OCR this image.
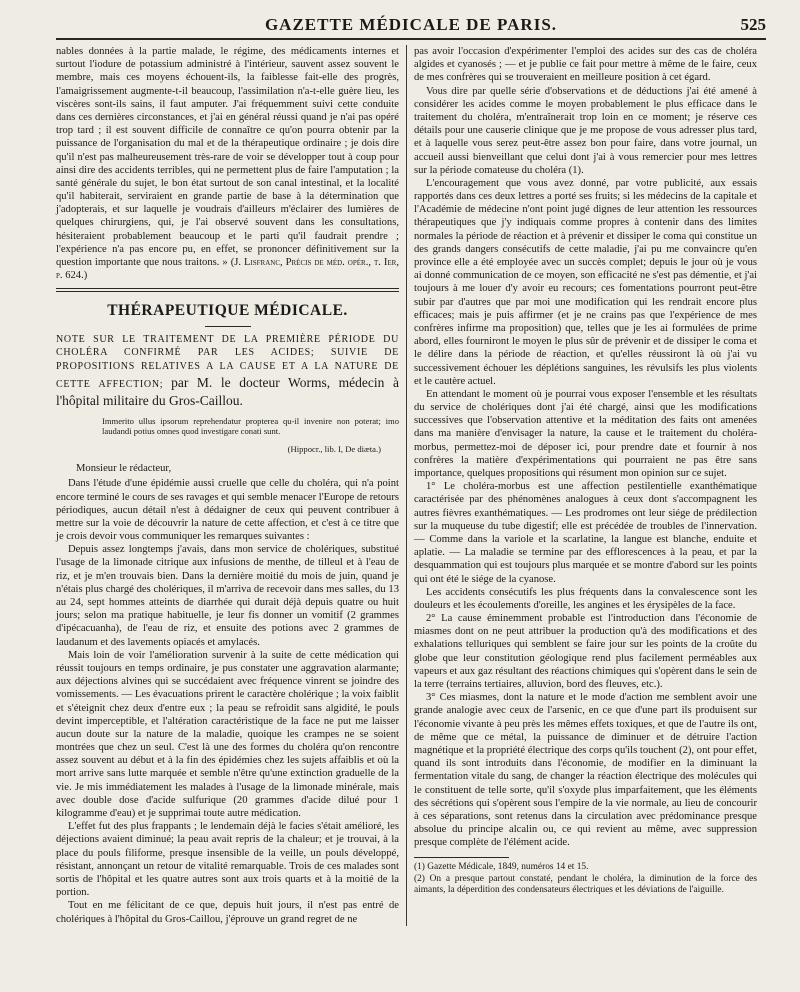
GAZETTE MÉDICALE DE PARIS.	525

nables données à la partie malade, le régime, des médicaments internes et surtout l'iodure de potassium administré à l'intérieur, sauvent assez souvent le membre, mais ces moyens échouent-ils, la faiblesse fait-elle des progrès, l'amaigrissement augmente-t-il beaucoup, l'assimilation n'a-t-elle guère lieu, les viscères sont-ils sains, il faut amputer. J'ai fréquemment suivi cette conduite dans ces dernières circonstances, et j'ai en général réussi quand je n'ai pas opéré trop tard ; il est souvent difficile de connaître ce qu'on pourra obtenir par la puissance de l'organisation du mal et de la thérapeutique ordinaire ; je dois dire qu'il n'est pas malheureusement très-rare de voir se développer tout à coup pour ainsi dire des accidents terribles, qui ne permettent plus de faire l'amputation ; la santé générale du sujet, le bon état surtout de son canal intestinal, et la localité qu'il habiterait, serviraient en grande partie de base à la détermination que j'adopterais, et sur laquelle je voudrais d'ailleurs m'éclairer des lumières de quelques chirurgiens, qui, je l'ai observé souvent dans les consultations, hésiteraient probablement beaucoup et le parti qu'il faudrait prendre ; l'expérience n'a pas encore pu, en effet, se prononcer définitivement sur la question importante que nous traitons. » (J. Lisfranc, Précis de méd. opér., t. Ier, p. 624.)

THÉRAPEUTIQUE MÉDICALE.

NOTE SUR LE TRAITEMENT DE LA PREMIÈRE PÉRIODE DU CHOLÉRA CONFIRMÉ PAR LES ACIDES; SUIVIE DE PROPOSITIONS RELATIVES A LA CAUSE ET A LA NATURE DE CETTE AFFECTION; par M. le docteur Worms, médecin à l'hôpital militaire du Gros-Caillou.

Immerito ullus ipsorum reprehendatur propterea qu-il invenire non poterat; imo laudandi potius omnes quod investigare conati sunt.

(Hippocr., lib. I, De diæta.)

Monsieur le rédacteur,

Dans l'étude d'une épidémie aussi cruelle que celle du choléra, qui n'a point encore terminé le cours de ses ravages et qui semble menacer l'Europe de retours périodiques, aucun détail n'est à dédaigner de ceux qui peuvent contribuer à mettre sur la voie de découvrir la nature de cette affection, et c'est à ce titre que je crois devoir vous communiquer les remarques suivantes :

Depuis assez longtemps j'avais, dans mon service de cholériques, substitué l'usage de la limonade citrique aux infusions de menthe, de tilleul et à l'eau de riz, et je m'en trouvais bien. Dans la dernière moitié du mois de juin, quand je n'étais plus chargé des cholériques, il m'arriva de recevoir dans mes salles, du 13 au 24, sept hommes atteints de diarrhée qui durait déjà depuis quatre ou huit jours; selon ma pratique habituelle, je leur fis donner un vomitif (2 grammes d'ipécacuanha), de l'eau de riz, et ensuite des potions avec 2 grammes de laudanum et des lavements opiacés et amylacés.

Mais loin de voir l'amélioration survenir à la suite de cette médication qui réussit toujours en temps ordinaire, je pus constater une aggravation alarmante; aux déjections alvines qui se succédaient avec fréquence vinrent se joindre des vomissements. — Les évacuations prirent le caractère cholérique ; la voix faiblit et s'éteignit chez deux d'entre eux ; la peau se refroidit sans algidité, le pouls devint imperceptible, et l'altération caractéristique de la face ne put me laisser aucun doute sur la nature de la maladie, quoique les crampes ne se soient montrées que chez un seul. C'est là une des formes du choléra qu'on rencontre assez souvent au début et à la fin des épidémies chez les sujets affaiblis et où la mort arrive sans lutte marquée et semble n'être qu'une extinction graduelle de la vie. Je mis immédiatement les malades à l'usage de la limonade minérale, mais avec double dose d'acide sulfurique (20 grammes d'acide dilué pour 1 kilogramme d'eau) et je supprimai toute autre médication.

L'effet fut des plus frappants ; le lendemain déjà le facies s'était amélioré, les déjections avaient diminué; la peau avait repris de la chaleur; et je trouvai, à la place du pouls filiforme, presque insensible de la veille, un pouls développé, résistant, annonçant un retour de vitalité remarquable. Trois de ces malades sont sortis de l'hôpital et les quatre autres sont aux trois quarts et à la moitié de la portion.

Tout en me félicitant de ce que, depuis huit jours, il n'est pas entré de cholériques à l'hôpital du Gros-Caillou, j'éprouve un grand regret de ne

pas avoir l'occasion d'expérimenter l'emploi des acides sur des cas de choléra algides et cyanosés ; — et je publie ce fait pour mettre à même de le faire, ceux de mes confrères qui se trouveraient en meilleure position à cet égard.

Vous dire par quelle série d'observations et de déductions j'ai été amené à considérer les acides comme le moyen probablement le plus efficace dans le traitement du choléra, m'entraînerait trop loin en ce moment; je réserve ces détails pour une causerie clinique que je me propose de vous adresser plus tard, et à laquelle vous serez peut-être assez bon pour faire, dans votre journal, un accueil aussi bienveillant que celui dont j'ai à vous remercier pour mes lettres sur la période comateuse du choléra (1).

L'encouragement que vous avez donné, par votre publicité, aux essais rapportés dans ces deux lettres a porté ses fruits; si les médecins de la capitale et l'Académie de médecine n'ont point jugé dignes de leur attention les ressources thérapeutiques que j'y indiquais comme propres à contenir dans des limites normales la période de réaction et à prévenir et dissiper le coma qui constitue un des grands dangers consécutifs de cette maladie, j'ai pu me convaincre qu'en province elle a été employée avec un succès complet; depuis le jour où je vous ai donné communication de ce moyen, son efficacité ne s'est pas démentie, et j'ai toujours à me louer d'y avoir eu recours; ces fomentations pourront peut-être subir par d'autres que par moi une modification qui les rendrait encore plus efficaces; mais je puis affirmer (et je ne crains pas que l'expérience de mes confrères infirme ma proposition) que, telles que je les ai formulées de prime abord, elles fourniront le moyen le plus sûr de prévenir et de dissiper le coma et le délire dans la période de réaction, et qu'elles réussiront là où j'ai vu successivement échouer les déplétions sanguines, les révulsifs les plus violents et le cautère actuel.

En attendant le moment où je pourrai vous exposer l'ensemble et les résultats du service de cholériques dont j'ai été chargé, ainsi que les modifications successives que l'observation attentive et la méditation des faits ont amenées dans ma manière d'envisager la nature, la cause et le traitement du choléra-morbus, permettez-moi de déposer ici, pour prendre date et fournir à nos confrères la matière d'expérimentations qui pourraient ne pas être sans importance, quelques propositions qui résument mon opinion sur ce sujet.

1° Le choléra-morbus est une affection pestilentielle exanthématique caractérisée par des phénomènes analogues à ceux dont s'accompagnent les autres fièvres exanthématiques. — Les prodromes ont leur siége de prédilection sur la muqueuse du tube digestif; elle est précédée de troubles de l'innervation. — Comme dans la variole et la scarlatine, la langue est blanche, enduite et aplatie. — La maladie se termine par des efflorescences à la peau, et par la desquammation qui est toujours plus marquée et se montre d'abord sur les points qui ont été le siége de la cyanose.

Les accidents consécutifs les plus fréquents dans la convalescence sont les douleurs et les écoulements d'oreille, les angines et les érysipèles de la face.

2° La cause éminemment probable est l'introduction dans l'économie de miasmes dont on ne peut attribuer la production qu'à des modifications et des exhalations telluriques qui semblent se faire jour sur les points de la croûte du globe que leur constitution géologique rend plus facilement perméables aux vapeurs et aux gaz résultant des réactions chimiques qui s'opèrent dans le sein de la terre (terrains tertiaires, alluvion, bord des fleuves, etc.).

3° Ces miasmes, dont la nature et le mode d'action me semblent avoir une grande analogie avec ceux de l'arsenic, en ce que d'une part ils produisent sur l'économie vivante à peu près les mêmes effets toxiques, et que de l'autre ils ont, de même que ce métal, la puissance de diminuer et de détruire l'action magnétique et la propriété électrique des corps qu'ils touchent (2), ont pour effet, quand ils sont introduits dans l'économie, de modifier en la diminuant la fermentation vitale du sang, de changer la réaction électrique des molécules qui le constituent de telle sorte, qu'il s'oxyde plus imparfaitement, que les éléments des sécrétions qui s'opèrent sous l'empire de la vie normale, au lieu de concourir à ces séparations, sont retenus dans la circulation avec prédominance presque absolue du principe alcalin ou, ce qui revient au même, avec suppression presque complète de l'élément acide.

(1) Gazette Médicale, 1849, numéros 14 et 15.

(2) On a presque partout constaté, pendant le choléra, la diminution de la force des aimants, la déperdition des condensateurs électriques et les déviations de l'aiguille.
